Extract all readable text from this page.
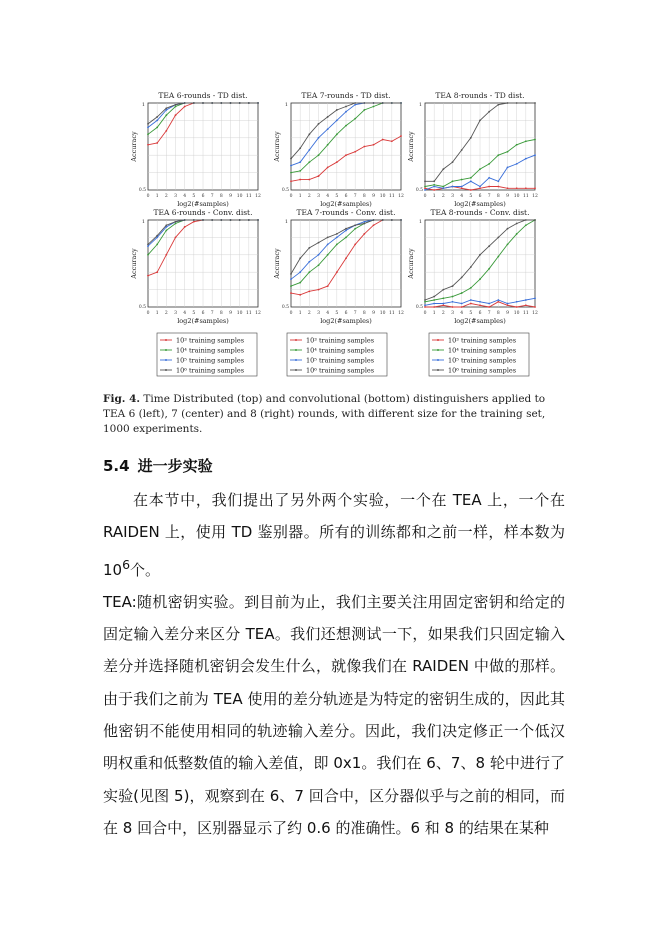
TEA 6-rounds - TD dist.
0 1 2 3 4 5 6 7 8 9 10 11 12
1
0.5
Accuracy
log2(#samples)
TEA 7-rounds - TD dist.
0 1 2 3 4 5 6 7 8 9 10 11 12
1
0.5
Accuracy
log2(#samples)
TEA 8-rounds - TD dist.
0 1 2 3 4 5 6 7 8 9 10 11 12
1
0.5
Accuracy
log2(#samples)
TEA 6-rounds - Conv. dist.
0 1 2 3 4 5 6 7 8 9 10 11 12
1
0.5
Accuracy
log2(#samples)
TEA 7-rounds - Conv. dist.
0 1 2 3 4 5 6 7 8 9 10 11 12
1
0.5
Accuracy
log2(#samples)
TEA 8-rounds - Conv. dist.
0 1 2 3 4 5 6 7 8 9 10 11 12
1
0.5
Accuracy
log2(#samples)
10³ training samples
10⁴ training samples
10⁵ training samples
10⁶ training samples
10³ training samples
10⁴ training samples
10⁵ training samples
10⁶ training samples
10³ training samples
10⁴ training samples
10⁵ training samples
10⁶ training samples
Fig. 4. Time Distributed (top) and convolutional (bottom) distinguishers applied to TEA 6 (left), 7 (center) and 8 (right) rounds, with different size for the training set, 1000 experiments.
5.4 进一步实验

在本节中，我们提出了另外两个实验，一个在 TEA 上，一个在 RAIDEN 上，使用 TD 鉴别器。所有的训练都和之前一样，样本数为$10^6$个。

TEA:随机密钥实验。到目前为止，我们主要关注用固定密钥和给定的固定输入差分来区分 TEA。我们还想测试一下，如果我们只固定输入差分并选择随机密钥会发生什么，就像我们在 RAIDEN 中做的那样。由于我们之前为 TEA 使用的差分轨迹是为特定的密钥生成的，因此其他密钥不能使用相同的轨迹输入差分。因此，我们决定修正一个低汉明权重和低整数值的输入差值，即 0x1。我们在 6、7、8 轮中进行了实验(见图 5)，观察到在 6、7 回合中，区分器似乎与之前的相同，而在 8 回合中，区别器显示了约 0.6 的准确性。6 和 8 的结果在某种
